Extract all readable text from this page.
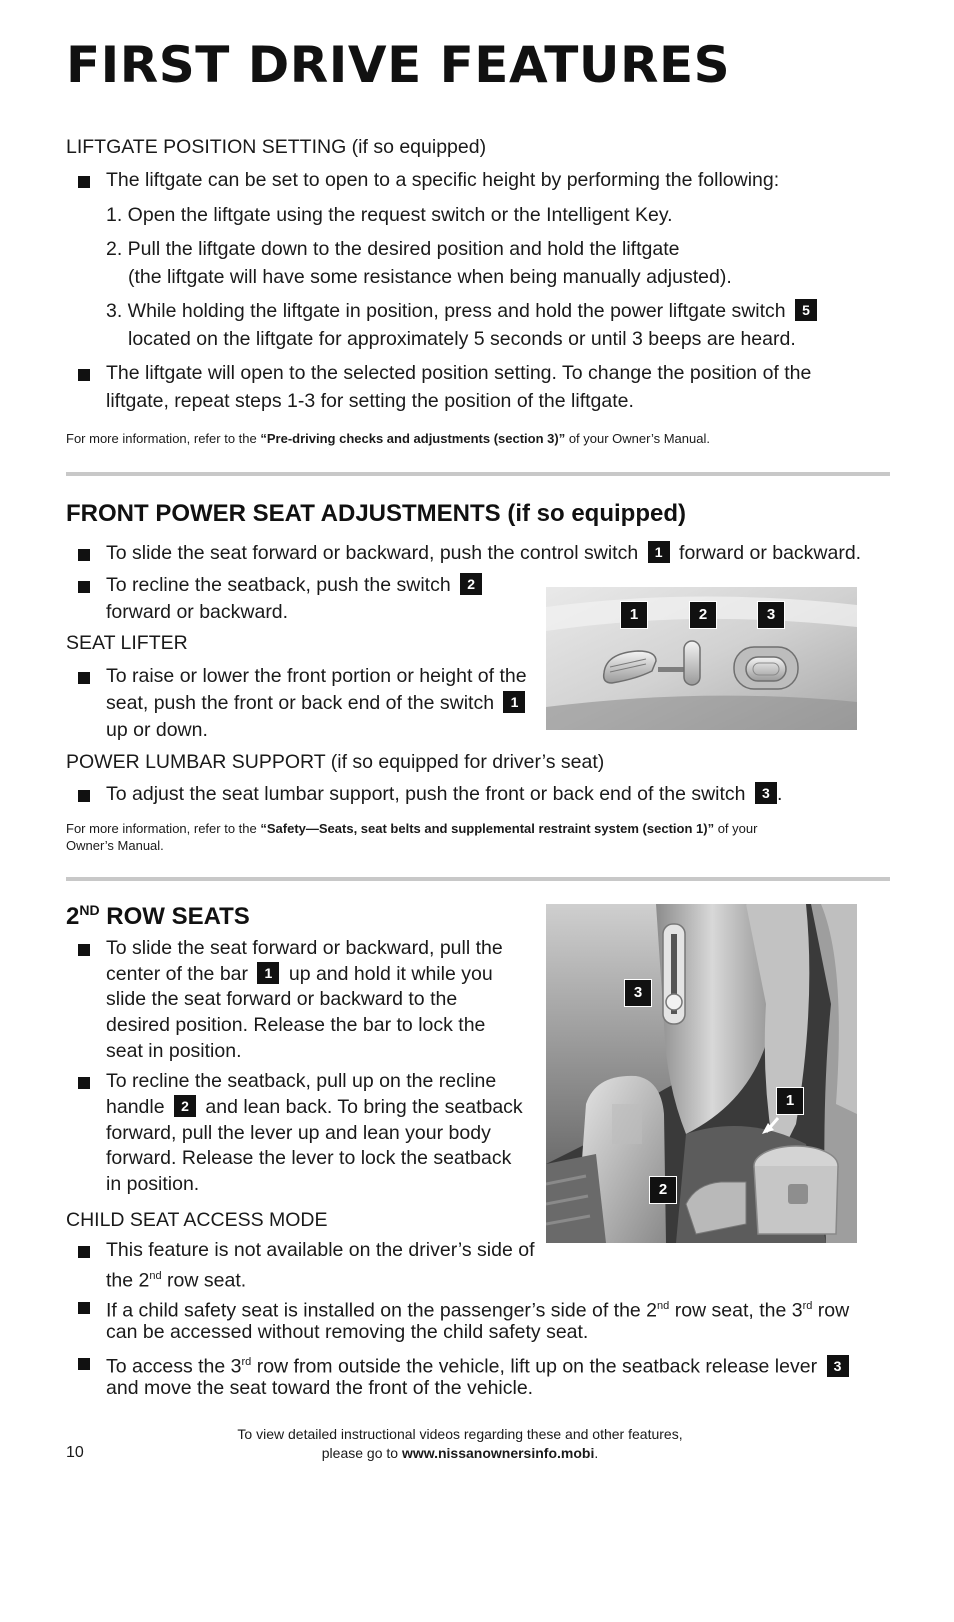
FIRST DRIVE FEATURES
LIFTGATE POSITION SETTING (if so equipped)
The liftgate can be set to open to a specific height by performing the following:
1. Open the liftgate using the request switch or the Intelligent Key.
2. Pull the liftgate down to the desired position and hold the liftgate
(the liftgate will have some resistance when being manually adjusted).
3. While holding the liftgate in position, press and hold the power liftgate switch 5
located on the liftgate for approximately 5 seconds or until 3 beeps are heard.
The liftgate will open to the selected position setting. To change the position of the
liftgate, repeat steps 1-3 for setting the position of the liftgate.
For more information, refer to the “Pre-driving checks and adjustments (section 3)” of your Owner’s Manual.
FRONT POWER SEAT ADJUSTMENTS (if so equipped)
To slide the seat forward or backward, push the control switch 1 forward or backward.
To recline the seatback, push the switch 2
forward or backward.
SEAT LIFTER
To raise or lower the front portion or height of the
seat, push the front or back end of the switch 1
up or down.
1	2	3
POWER LUMBAR SUPPORT (if so equipped for driver’s seat)
To adjust the seat lumbar support, push the front or back end of the switch 3 .
For more information, refer to the “Safety—Seats, seat belts and supplemental restraint system (section 1)” of your
Owner’s Manual.
2ND ROW SEATS
To slide the seat forward or backward, pull the
center of the bar 1 up and hold it while you
slide the seat forward or backward to the
desired position. Release the bar to lock the
seat in position.
To recline the seatback, pull up on the recline
handle 2 and lean back. To bring the seatback
forward, pull the lever up and lean your body
forward. Release the lever to lock the seatback
in position.
3
1
2
CHILD SEAT ACCESS MODE
This feature is not available on the driver’s side of
the 2nd row seat.
If a child safety seat is installed on the passenger’s side of the 2nd row seat, the 3rd row
can be accessed without removing the child safety seat.
To access the 3rd row from outside the vehicle, lift up on the seatback release lever 3
and move the seat toward the front of the vehicle.
10
To view detailed instructional videos regarding these and other features,
please go to www.nissanownersinfo.mobi.
